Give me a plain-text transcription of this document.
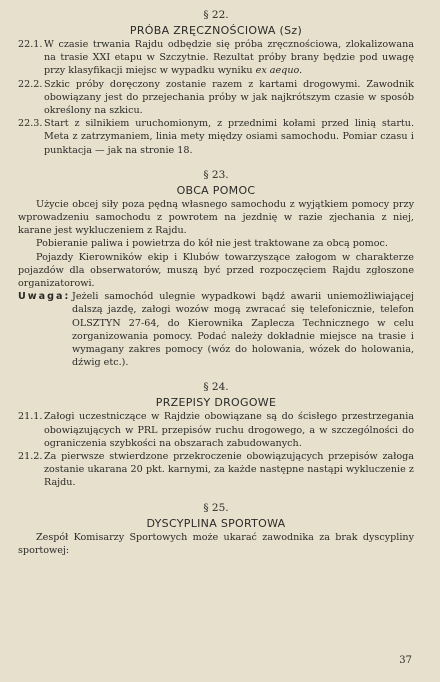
§ 22.
PRÓBA ZRĘCZNOŚCIOWA (Sz)
22.1. W czasie trwania Rajdu odbędzie się próba zręcznościowa, zlokalizowana na trasie XXI etapu w Szczytnie. Rezultat próby brany będzie pod uwagę przy klasyfikacji miejsc w wypadku wyniku ex aequo.
22.2. Szkic próby doręczony zostanie razem z kartami drogowymi. Zawodnik obowiązany jest do przejechania próby w jak najkrótszym czasie w sposób określony na szkicu.
22.3. Start z silnikiem uruchomionym, z przednimi kołami przed linią startu. Meta z zatrzymaniem, linia mety między osiami samochodu. Pomiar czasu i punktacja — jak na stronie 18.
§ 23.
OBCA POMOC

Użycie obcej siły poza pędną własnego samochodu z wyjątkiem pomocy przy wprowadzeniu samochodu z powrotem na jezdnię w razie zjechania z niej, karane jest wykluczeniem z Rajdu.

Pobieranie paliwa i powietrza do kół nie jest traktowane za obcą pomoc.

Pojazdy Kierowników ekip i Klubów towarzyszące załogom w charakterze pojazdów dla obserwatorów, muszą być przed rozpoczęciem Rajdu zgłoszone organizatorowi.

Uwaga: Jeżeli samochód ulegnie wypadkowi bądź awarii uniemożliwiającej dalszą jazdę, załogi wozów mogą zwracać się telefonicznie, telefon OLSZTYN 27-64, do Kierownika Zaplecza Technicznego w celu zorganizowania pomocy. Podać należy dokładnie miejsce na trasie i wymagany zakres pomocy (wóz do holowania, wózek do holowania, dźwig etc.).
§ 24.
PRZEPISY DROGOWE
21.1. Załogi uczestniczące w Rajdzie obowiązane są do ścisłego przestrzegania obowiązujących w PRL przepisów ruchu drogowego, a w szczególności do ograniczenia szybkości na obszarach zabudowanych.
21.2. Za pierwsze stwierdzone przekroczenie obowiązujących przepisów załoga zostanie ukarana 20 pkt. karnymi, za każde następne nastąpi wykluczenie z Rajdu.
§ 25.
DYSCYPLINA SPORTOWA

Zespół Komisarzy Sportowych może ukarać zawodnika za brak dyscypliny sportowej:

37
